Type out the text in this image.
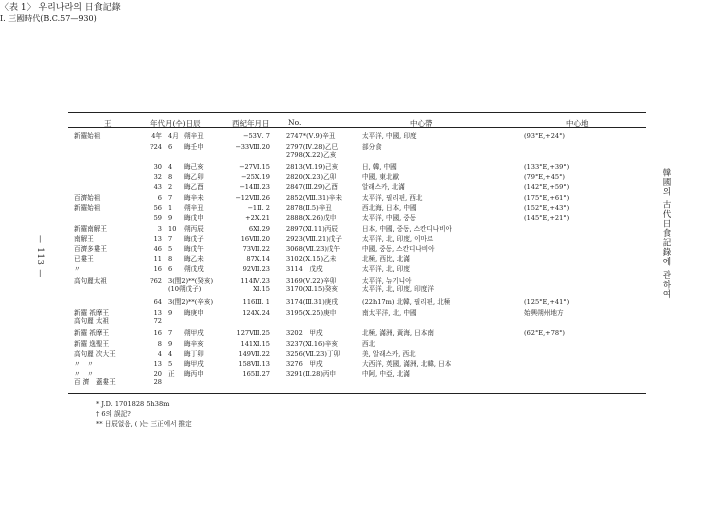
〈表 1〉 우리나라의 日食記錄
Ⅰ. 三國時代(B.C.57—930)
王	年代月(수)日辰	西紀年月日 No.	中心帶	中心地
新羅始祖	4年 4月 朔辛丑	−53Ⅴ. 7 2747*(Ⅴ.9)辛丑	太平洋, 中國, 印度	(93°E,+24°)
?24 6 晦壬申	−33Ⅷ.20 2797(Ⅳ.28)乙巳	部分食
2798(Ⅹ.22)乙亥
30 4 晦己亥	−27Ⅵ.15 2813(Ⅵ.19)己亥	日, 韓, 中國	(133°E,+39°)
32 8 晦乙卯	−25Ⅹ.19 2820(Ⅹ.23)乙卯	中國, 東北歐	(79°E,+45°)
43 2 晦乙酉	−14Ⅲ.23 2847(Ⅲ.29)乙酉	알래스카, 北滿	(142°E,+59°)
百濟始祖	6 7 晦辛未	−12Ⅷ.26 2852(Ⅷ.31)辛未	太平洋, 필리핀, 西北	(175°E,+61°)
新羅始祖	56 1 朔辛丑	−1Ⅱ. 2 2878(Ⅱ.5)辛丑	西北海, 日本, 中國	(152°E,+43°)
59 9 晦戊申	+2Ⅹ.21 2888(Ⅹ.26)戊申	太平洋, 中國, 중동	(145°E,+21°)
新羅南解王	3 10 朔丙辰	6Ⅺ.29 2897(Ⅺ.11)丙辰	日本, 中國, 중동, 스칸디나비아
南解王	13 7 晦戊子	16Ⅷ.20 2923(Ⅷ.21)戊子	太平洋, 北, 印度, 이마르
百濟多婁王	46 5 晦戊午	73Ⅶ.22 3068(Ⅶ.23)戊午	中國, 중동, 스칸디나비아
已婁王	11 8 晦乙未	87Ⅹ.14 3102(Ⅹ.15)乙未	北極, 西比, 北滿
〃	16 6 朔戊戌	92Ⅶ.23 3114　戊戌	太平洋, 北, 印度
高句麗太祖	?62 3(閏2)**(癸亥)	114Ⅳ.23 3169(Ⅴ.22)辛卯	太平洋, 뉴기니아
(10朔戊子)	Ⅺ.15 3170(Ⅺ.15)癸亥	太平洋, 北, 印度, 印度洋
64 3(閏2)**(辛亥)	116Ⅲ. 1 3174(Ⅲ.31)庚戌	(22h17m) 北韓, 필리핀, 北極	(125°E,+41°)
新羅 祇摩王	13 9 晦庚申	124Ⅹ.24 3195(Ⅹ.25)庚申	南太平洋, 北, 中國	始興朔州地方
高句麗 太祖	72
新羅 祇摩王	16 7 朔甲戌	127Ⅷ.25 3202　甲戌	北極, 滿洲, 黃海, 日本南	(62°E,+78°)
新羅 逸聖王	8 9 晦辛亥	141Ⅺ.15 3237(Ⅺ.16)辛亥	西北
高句麗 次大王	4 4 晦丁卯	149Ⅶ.22 3256(Ⅶ.23)丁卯	美, 알래스카, 西北
〃　〃	13 5 晦甲戌	158Ⅶ.13 3276　甲戌	大西洋, 英國, 滿洲, 北韓, 日本
〃　〃	20 正 晦丙申	165Ⅱ.27 3291(Ⅱ.28)丙申	中阿, 中亞, 北滿
百 濟　蓋婁王	28
* J.D. 1701828 5h38m
† 6의 誤記?
** 日辰없음, ( )는 三正에서 推定
— 113 —	韓國의 古代日食記錄에 관하여
